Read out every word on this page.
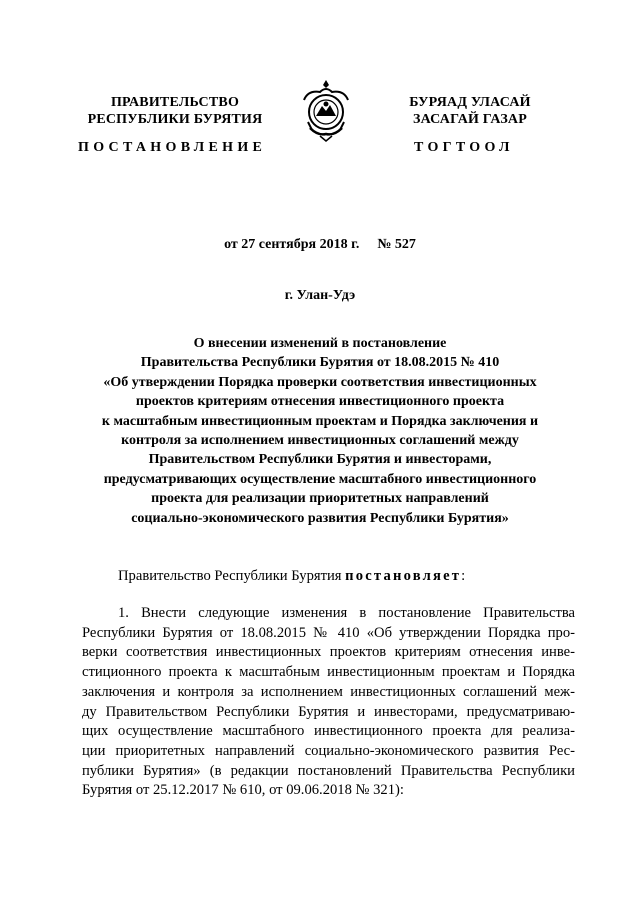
ПРАВИТЕЛЬСТВО
РЕСПУБЛИКИ БУРЯТИЯ
ПОСТАНОВЛЕНИЕ
БУРЯАД УЛАСАЙ
ЗАСАГАЙ ГАЗАР
ТОГТООЛ
от 27 сентября 2018 г. № 527
г. Улан-Удэ
О внесении изменений в постановление
Правительства Республики Бурятия от 18.08.2015 № 410
«Об утверждении Порядка проверки соответствия инвестиционных
проектов критериям отнесения инвестиционного проекта
к масштабным инвестиционным проектам и Порядка заключения и
контроля за исполнением инвестиционных соглашений между
Правительством Республики Бурятия и инвесторами,
предусматривающих осуществление масштабного инвестиционного
проекта для реализации приоритетных направлений
социально-экономического развития Республики Бурятия»
Правительство Республики Бурятия постановляет:
1. Внести следующие изменения в постановление Правительства
Республики Бурятия от 18.08.2015 № 410 «Об утверждении Порядка про-
верки соответствия инвестиционных проектов критериям отнесения инве-
стиционного проекта к масштабным инвестиционным проектам и Порядка
заключения и контроля за исполнением инвестиционных соглашений меж-
ду Правительством Республики Бурятия и инвесторами, предусматриваю-
щих осуществление масштабного инвестиционного проекта для реализа-
ции приоритетных направлений социально-экономического развития Рес-
публики Бурятия» (в редакции постановлений Правительства Республики
Бурятия от 25.12.2017 № 610, от 09.06.2018 № 321):
